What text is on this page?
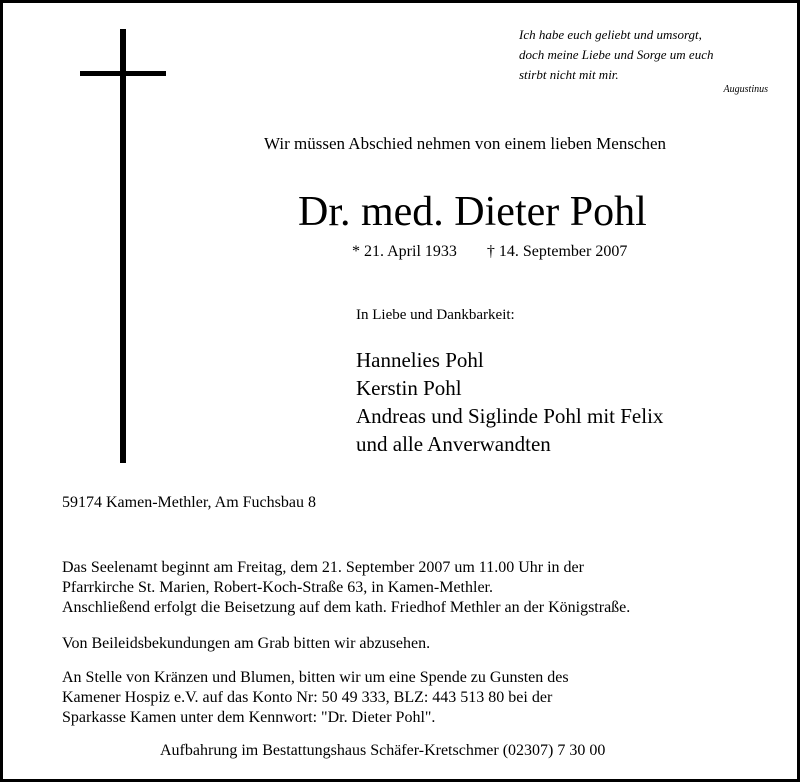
Ich habe euch geliebt und umsorgt,
doch meine Liebe und Sorge um euch
stirbt nicht mit mir.
Augustinus
Wir müssen Abschied nehmen von einem lieben Menschen
Dr. med. Dieter Pohl
* 21. April 1933 † 14. September 2007
In Liebe und Dankbarkeit:
Hannelies Pohl
Kerstin Pohl
Andreas und Siglinde Pohl mit Felix
und alle Anverwandten
59174 Kamen-Methler, Am Fuchsbau 8
Das Seelenamt beginnt am Freitag, dem 21. September 2007 um 11.00 Uhr in der
Pfarrkirche St. Marien, Robert-Koch-Straße 63, in Kamen-Methler.
Anschließend erfolgt die Beisetzung auf dem kath. Friedhof Methler an der Königstraße.
Von Beileidsbekundungen am Grab bitten wir abzusehen.
An Stelle von Kränzen und Blumen, bitten wir um eine Spende zu Gunsten des
Kamener Hospiz e.V. auf das Konto Nr: 50 49 333, BLZ: 443 513 80 bei der
Sparkasse Kamen unter dem Kennwort: "Dr. Dieter Pohl".
Aufbahrung im Bestattungshaus Schäfer-Kretschmer (02307) 7 30 00
